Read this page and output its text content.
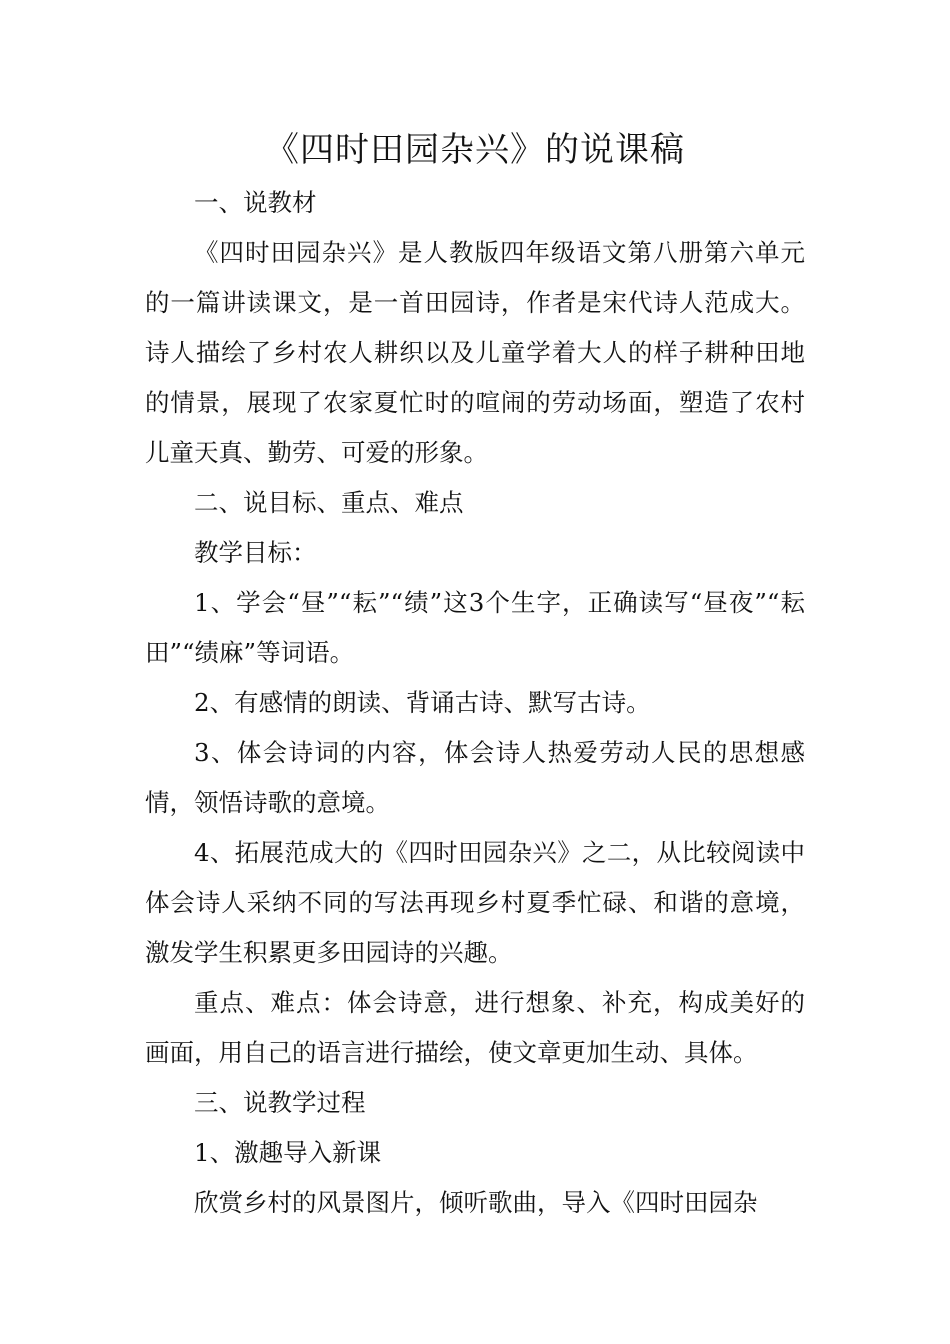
《四时田园杂兴》的说课稿

一、说教材

《四时田园杂兴》是人教版四年级语文第八册第六单元的一篇讲读课文，是一首田园诗，作者是宋代诗人范成大。诗人描绘了乡村农人耕织以及儿童学着大人的样子耕种田地的情景，展现了农家夏忙时的喧闹的劳动场面，塑造了农村儿童天真、勤劳、可爱的形象。

二、说目标、重点、难点

教学目标：

1、学会“昼”“耘”“绩”这3个生字，正确读写“昼夜”“耘田”“绩麻”等词语。

2、有感情的朗读、背诵古诗、默写古诗。

3、体会诗词的内容，体会诗人热爱劳动人民的思想感情，领悟诗歌的意境。

4、拓展范成大的《四时田园杂兴》之二，从比较阅读中体会诗人采纳不同的写法再现乡村夏季忙碌、和谐的意境，激发学生积累更多田园诗的兴趣。

重点、难点：体会诗意，进行想象、补充，构成美好的画面，用自己的语言进行描绘，使文章更加生动、具体。

三、说教学过程

1、激趣导入新课

欣赏乡村的风景图片，倾听歌曲，导入《四时田园杂
